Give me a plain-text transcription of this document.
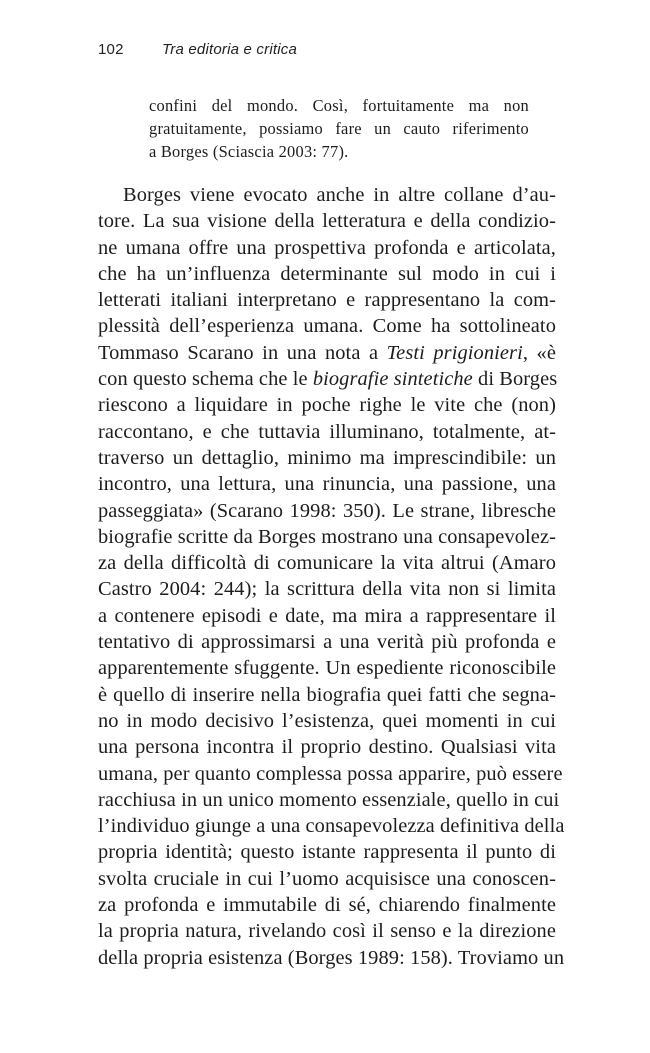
102	Tra editoria e critica
confini del mondo. Così, fortuitamente ma non
gratuitamente, possiamo fare un cauto riferimento
a Borges (Sciascia 2003: 77).
Borges viene evocato anche in altre collane d’au-
tore. La sua visione della letteratura e della condizio-
ne umana offre una prospettiva profonda e articolata,
che ha un’influenza determinante sul modo in cui i
letterati italiani interpretano e rappresentano la com-
plessità dell’esperienza umana. Come ha sottolineato
Tommaso Scarano in una nota a Testi prigionieri, «è
con questo schema che le biografie sintetiche di Borges
riescono a liquidare in poche righe le vite che (non)
raccontano, e che tuttavia illuminano, totalmente, at-
traverso un dettaglio, minimo ma imprescindibile: un
incontro, una lettura, una rinuncia, una passione, una
passeggiata» (Scarano 1998: 350). Le strane, libresche
biografie scritte da Borges mostrano una consapevolez-
za della difficoltà di comunicare la vita altrui (Amaro
Castro 2004: 244); la scrittura della vita non si limita
a contenere episodi e date, ma mira a rappresentare il
tentativo di approssimarsi a una verità più profonda e
apparentemente sfuggente. Un espediente riconoscibile
è quello di inserire nella biografia quei fatti che segna-
no in modo decisivo l’esistenza, quei momenti in cui
una persona incontra il proprio destino. Qualsiasi vita
umana, per quanto complessa possa apparire, può essere
racchiusa in un unico momento essenziale, quello in cui
l’individuo giunge a una consapevolezza definitiva della
propria identità; questo istante rappresenta il punto di
svolta cruciale in cui l’uomo acquisisce una conoscen-
za profonda e immutabile di sé, chiarendo finalmente
la propria natura, rivelando così il senso e la direzione
della propria esistenza (Borges 1989: 158). Troviamo un
